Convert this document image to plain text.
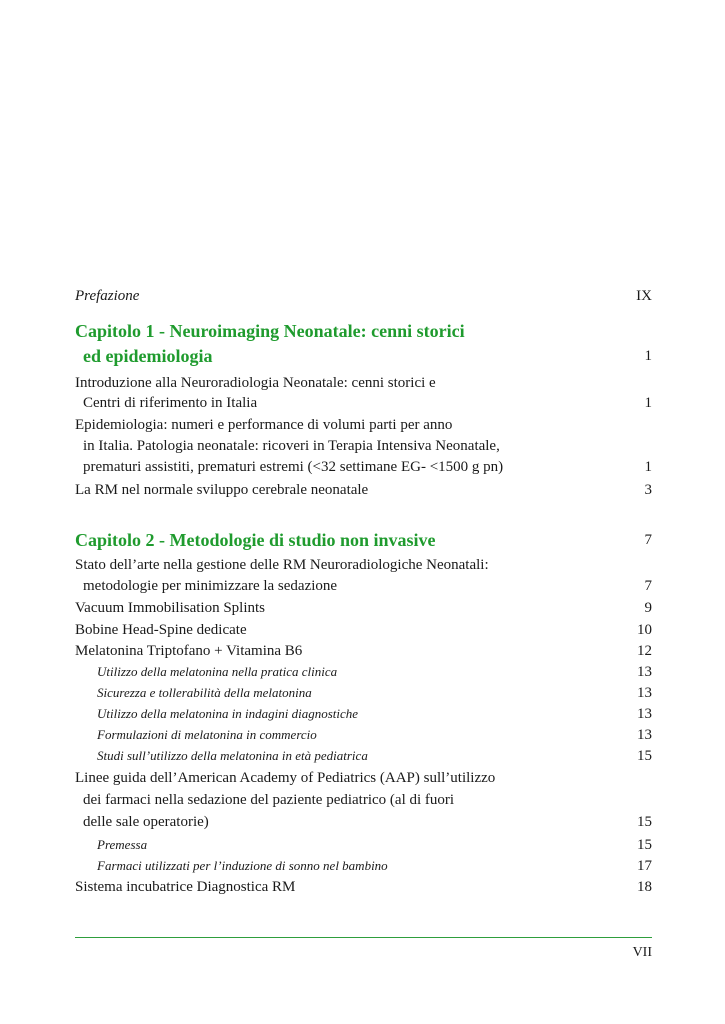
Prefazione	IX
Capitolo 1 - Neuroimaging Neonatale: cenni storici
ed epidemiologia	1
Introduzione alla Neuroradiologia Neonatale: cenni storici e
Centri di riferimento in Italia	1
Epidemiologia: numeri e performance di volumi parti per anno
in Italia. Patologia neonatale: ricoveri in Terapia Intensiva Neonatale,
prematuri assistiti, prematuri estremi (<32 settimane EG- <1500 g pn)	1
La RM nel normale sviluppo cerebrale neonatale	3
Capitolo 2 - Metodologie di studio non invasive	7
Stato dell’arte nella gestione delle RM Neuroradiologiche Neonatali:
metodologie per minimizzare la sedazione	7
Vacuum Immobilisation Splints	9
Bobine Head-Spine dedicate	10
Melatonina Triptofano + Vitamina B6	12
Utilizzo della melatonina nella pratica clinica	13
Sicurezza e tollerabilità della melatonina	13
Utilizzo della melatonina in indagini diagnostiche	13
Formulazioni di melatonina in commercio	13
Studi sull’utilizzo della melatonina in età pediatrica	15
Linee guida dell’American Academy of Pediatrics (AAP) sull’utilizzo
dei farmaci nella sedazione del paziente pediatrico (al di fuori
delle sale operatorie)	15
Premessa	15
Farmaci utilizzati per l’induzione di sonno nel bambino	17
Sistema incubatrice Diagnostica RM	18
VII
